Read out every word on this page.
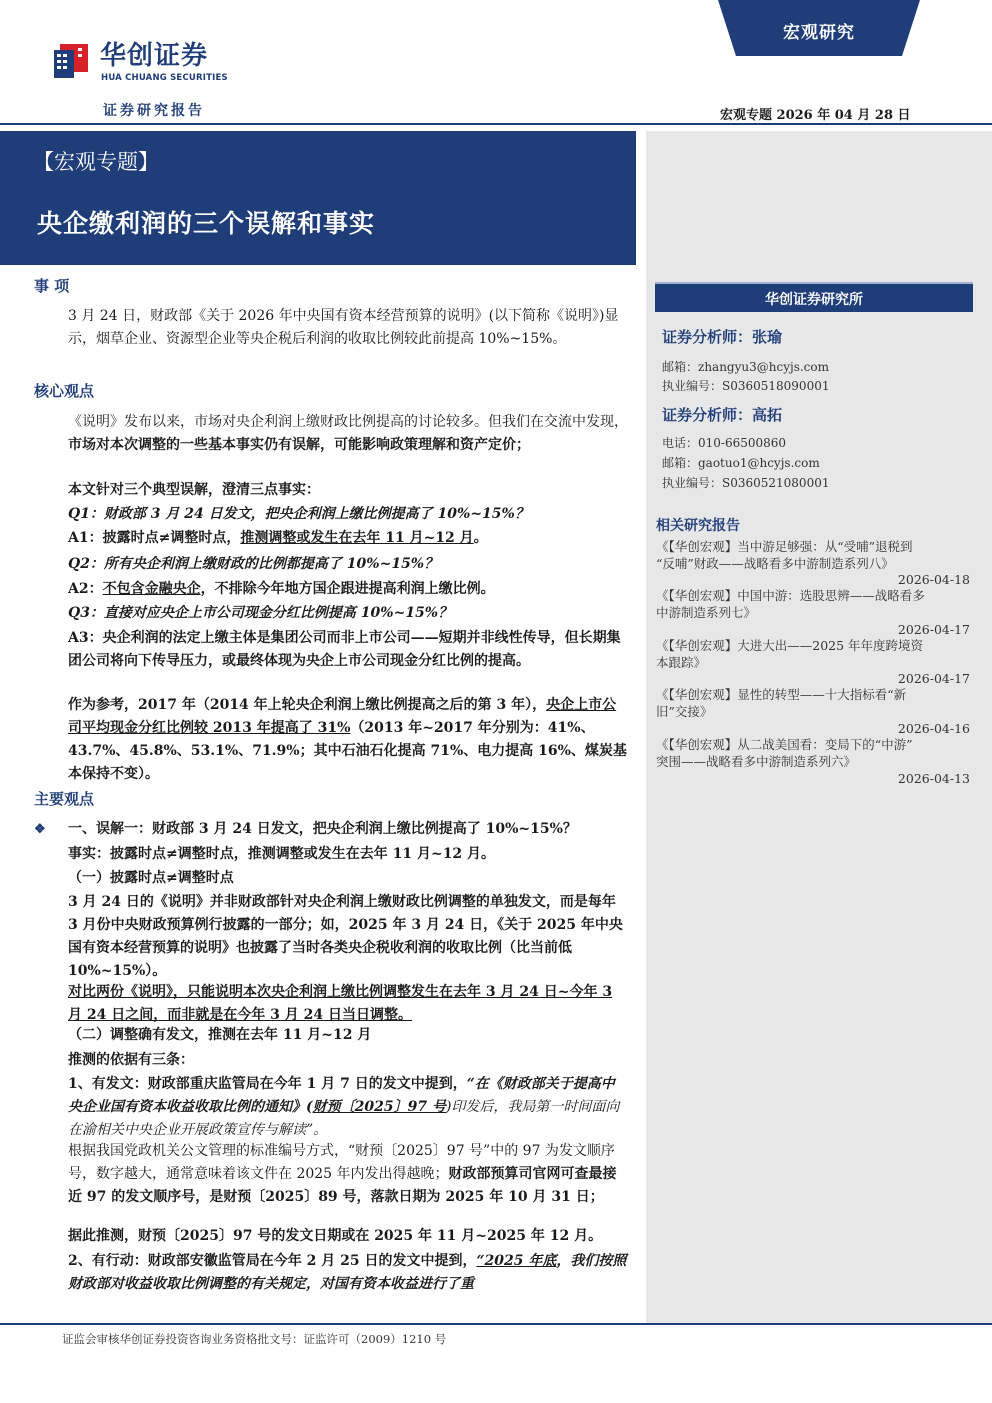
华创证券
HUA CHUANG SECURITIES
证券研究报告
宏观研究
宏观专题 2026 年 04 月 28 日
【宏观专题】
央企缴利润的三个误解和事实
华创证券研究所
证券分析师：张瑜
邮箱：zhangyu3@hcyjs.com
执业编号：S0360518090001
证券分析师：高拓
电话：010-66500860
邮箱：gaotuo1@hcyjs.com
执业编号：S0360521080001
相关研究报告
《【华创宏观】当中游足够强：从“受哺”退税到
“反哺”财政——战略看多中游制造系列八》
2026-04-18
《【华创宏观】中国中游：选股思辨——战略看多
中游制造系列七》
2026-04-17
《【华创宏观】大进大出——2025 年年度跨境资
本跟踪》
2026-04-17
《【华创宏观】显性的转型——十大指标看“新
旧”交接》
2026-04-16
《【华创宏观】从二战美国看：变局下的“中游”
突围——战略看多中游制造系列六》
2026-04-13
事 项
3 月 24 日，财政部《关于 2026 年中央国有资本经营预算的说明》(以下简称《说明》)显示，烟草企业、资源型企业等央企税后利润的收取比例较此前提高 10%~15%。
核心观点
《说明》发布以来，市场对央企利润上缴财政比例提高的讨论较多。但我们在交流中发现，市场对本次调整的一些基本事实仍有误解，可能影响政策理解和资产定价；
本文针对三个典型误解，澄清三点事实：
Q1：财政部 3 月 24 日发文，把央企利润上缴比例提高了 10%~15%？
A1：披露时点≠调整时点，推测调整或发生在去年 11 月~12 月。
Q2：所有央企利润上缴财政的比例都提高了 10%~15%？
A2：不包含金融央企，不排除今年地方国企跟进提高利润上缴比例。
Q3：直接对应央企上市公司现金分红比例提高 10%~15%？
A3：央企利润的法定上缴主体是集团公司而非上市公司——短期并非线性传导，但长期集团公司将向下传导压力，或最终体现为央企上市公司现金分红比例的提高。
作为参考，2017 年（2014 年上轮央企利润上缴比例提高之后的第 3 年），央企上市公司平均现金分红比例较 2013 年提高了 31%（2013 年~2017 年分别为：41%、43.7%、45.8%、53.1%、71.9%；其中石油石化提高 71%、电力提高 16%、煤炭基本保持不变）。
主要观点
❖ 一、误解一：财政部 3 月 24 日发文，把央企利润上缴比例提高了 10%~15%？
事实：披露时点≠调整时点，推测调整或发生在去年 11 月~12 月。
（一）披露时点≠调整时点
3 月 24 日的《说明》并非财政部针对央企利润上缴财政比例调整的单独发文，而是每年 3 月份中央财政预算例行披露的一部分；如，2025 年 3 月 24 日，《关于 2025 年中央国有资本经营预算的说明》也披露了当时各类央企税收利润的收取比例（比当前低 10%~15%）。
对比两份《说明》，只能说明本次央企利润上缴比例调整发生在去年 3 月 24 日~今年 3 月 24 日之间，而非就是在今年 3 月 24 日当日调整。
（二）调整确有发文，推测在去年 11 月~12 月
推测的依据有三条：
1、有发文：财政部重庆监管局在今年 1 月 7 日的发文中提到，“在《财政部关于提高中央企业国有资本收益收取比例的通知》(财预〔2025〕97 号)印发后，我局第一时间面向在渝相关中央企业开展政策宣传与解读”。
根据我国党政机关公文管理的标准编号方式，“财预〔2025〕97 号”中的 97 为发文顺序号，数字越大，通常意味着该文件在 2025 年内发出得越晚；财政部预算司官网可查最接近 97 的发文顺序号，是财预〔2025〕89 号，落款日期为 2025 年 10 月 31 日；
据此推测，财预〔2025〕97 号的发文日期或在 2025 年 11 月~2025 年 12 月。
2、有行动：财政部安徽监管局在今年 2 月 25 日的发文中提到，“2025 年底，我们按照财政部对收益收取比例调整的有关规定，对国有资本收益进行了重
证监会审核华创证券投资咨询业务资格批文号：证监许可（2009）1210 号
